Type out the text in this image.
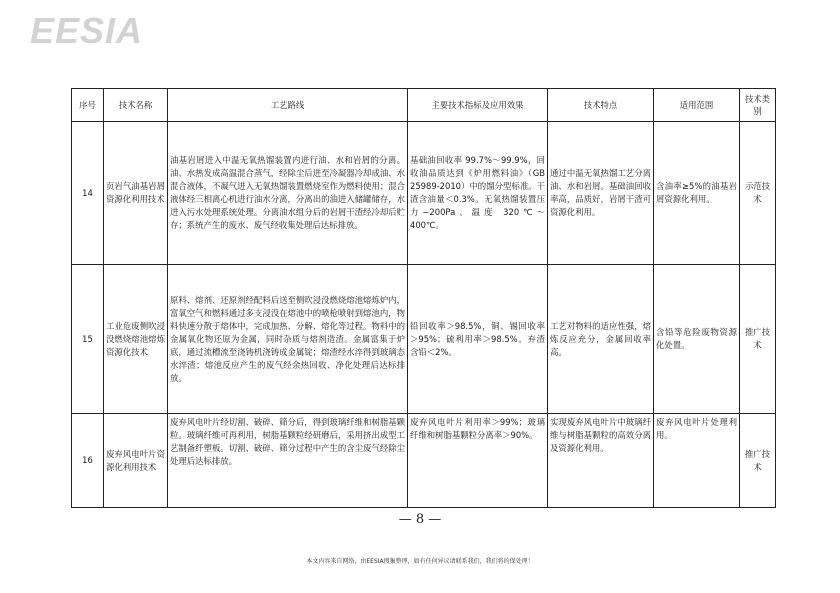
EESIA
序号	技术名称	工艺路线	主要技术指标及应用效果	技术特点	适用范围	技术类别
14	页岩气油基岩屑资源化利用技术	油基岩屑进入中温无氧热馏装置内进行油、水和岩屑的分离。油、水热发成高温混合蒸气，经除尘后进至冷凝器冷却成油、水混合液体，不凝气进入无氧热馏装置燃烧室作为燃料使用；混合液体经三相离心机进行油水分离，分离出的油进入储罐储存，水进入污水处理系统处理。分离油水组分后的岩屑干渣经冷却后贮存；系统产生的废水、废气经收集处理后达标排放。	基础油回收率 99.7%～99.9%，回收油品质达到《炉用燃料油》（GB 25989-2010）中的馏分型标准。干渣含油量＜0.3%。无氧热馏装置压力−200Pa、温度 320℃～400℃。	通过中温无氧热馏工艺分离油、水和岩屑。基础油回收率高，品质好，岩屑干渣可资源化利用。	含油率≥5%的油基岩屑资源化利用。	示范技术
15	工业危废侧吹浸没燃烧熔池熔炼资源化技术	原料、熔剂、还原剂经配料后送至侧吹浸没燃烧熔池熔炼炉内，富氧空气和燃料通过多支浸没在熔池中的喷枪喷射到熔池内，物料快速分散于熔体中，完成加热、分解、熔化等过程。物料中的金属氧化物还原为金属，同时杂质与熔剂造渣。金属富集于炉底，通过流槽流至浇铸机浇铸成金属锭；熔渣经水淬得到玻璃态水淬渣；熔池反应产生的废气经余热回收、净化处理后达标排放。	铅回收率＞98.5%，铜、锡回收率＞95%；硫利用率＞98.5%。弃渣含铅＜2%。	工艺对物料的适应性强，熔炼反应充分，金属回收率高。	含铅等危险废物资源化处置。	推广技术
16	废弃风电叶片资源化利用技术	废弃风电叶片经切割、破碎、筛分后，得到玻璃纤维和树脂基颗粒。玻璃纤维可再利用，树脂基颗粒经研磨后，采用挤出成型工艺制备纤塑板。切割、破碎、筛分过程中产生的含尘废气经除尘处理后达标排放。	废弃风电叶片利用率＞99%；玻璃纤维和树脂基颗粒分离率＞90%。	实现废弃风电叶片中玻璃纤维与树脂基颗粒的高效分离及资源化利用。	废弃风电叶片处理利用。	推广技术
— 8 —
本文内容来自网络，由EESIA搜集整理，如有任何异议请联系我们，我们将的保处理！
